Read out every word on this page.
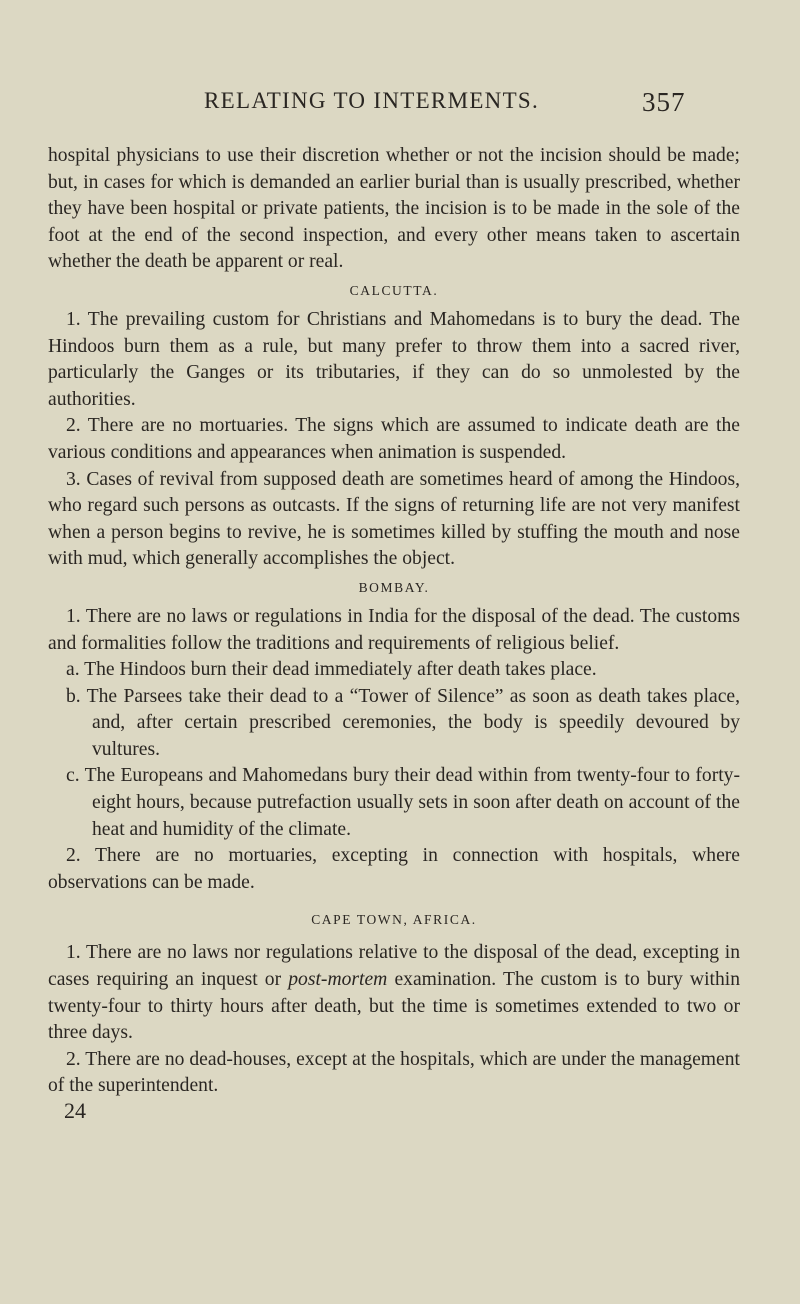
RELATING TO INTERMENTS.	357

hospital physicians to use their discretion whether or not the incision should be made; but, in cases for which is demanded an earlier burial than is usually prescribed, whether they have been hospital or private patients, the incision is to be made in the sole of the foot at the end of the second inspection, and every other means taken to ascertain whether the death be apparent or real.

CALCUTTA.

1. The prevailing custom for Christians and Mahomedans is to bury the dead. The Hindoos burn them as a rule, but many prefer to throw them into a sacred river, particularly the Ganges or its tributaries, if they can do so unmolested by the authorities.

2. There are no mortuaries. The signs which are assumed to indicate death are the various conditions and appearances when animation is suspended.

3. Cases of revival from supposed death are sometimes heard of among the Hindoos, who regard such persons as outcasts. If the signs of returning life are not very manifest when a person begins to revive, he is sometimes killed by stuffing the mouth and nose with mud, which generally accomplishes the object.

BOMBAY.

1. There are no laws or regulations in India for the disposal of the dead. The customs and formalities follow the traditions and requirements of religious belief.

a. The Hindoos burn their dead immediately after death takes place.

b. The Parsees take their dead to a “Tower of Silence” as soon as death takes place, and, after certain prescribed ceremonies, the body is speedily devoured by vultures.

c. The Europeans and Mahomedans bury their dead within from twenty-four to forty-eight hours, because putrefaction usually sets in soon after death on account of the heat and humidity of the climate.

2. There are no mortuaries, excepting in connection with hospitals, where observations can be made.

CAPE TOWN, AFRICA.

1. There are no laws nor regulations relative to the disposal of the dead, excepting in cases requiring an inquest or post-mortem examination. The custom is to bury within twenty-four to thirty hours after death, but the time is sometimes extended to two or three days.

2. There are no dead-houses, except at the hospitals, which are under the management of the superintendent.

24
